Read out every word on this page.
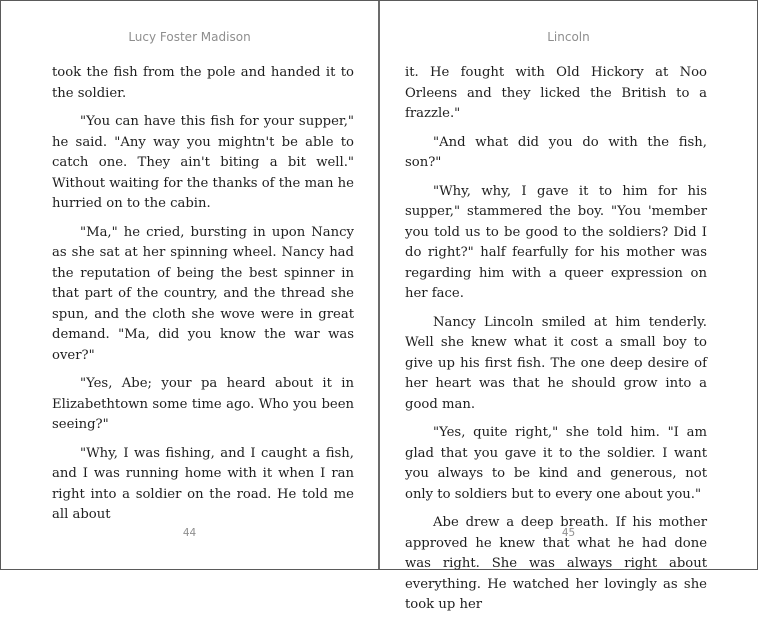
Lucy Foster Madison

took the fish from the pole and handed it to the soldier.

"You can have this fish for your supper," he said. "Any way you mightn't be able to catch one. They ain't biting a bit well." Without waiting for the thanks of the man he hurried on to the cabin.

"Ma," he cried, bursting in upon Nancy as she sat at her spinning wheel. Nancy had the reputation of being the best spinner in that part of the country, and the thread she spun, and the cloth she wove were in great demand. "Ma, did you know the war was over?"

"Yes, Abe; your pa heard about it in Elizabethtown some time ago. Who you been seeing?"

"Why, I was fishing, and I caught a fish, and I was running home with it when I ran right into a soldier on the road. He told me all about

44
Lincoln

it. He fought with Old Hickory at Noo Orleens and they licked the British to a frazzle."

"And what did you do with the fish, son?"

"Why, why, I gave it to him for his supper," stammered the boy. "You 'member you told us to be good to the soldiers? Did I do right?" half fearfully for his mother was regarding him with a queer expression on her face.

Nancy Lincoln smiled at him tenderly. Well she knew what it cost a small boy to give up his first fish. The one deep desire of her heart was that he should grow into a good man.

"Yes, quite right," she told him. "I am glad that you gave it to the soldier. I want you always to be kind and generous, not only to soldiers but to every one about you."

Abe drew a deep breath. If his mother approved he knew that what he had done was right. She was always right about everything. He watched her lovingly as she took up her

45
